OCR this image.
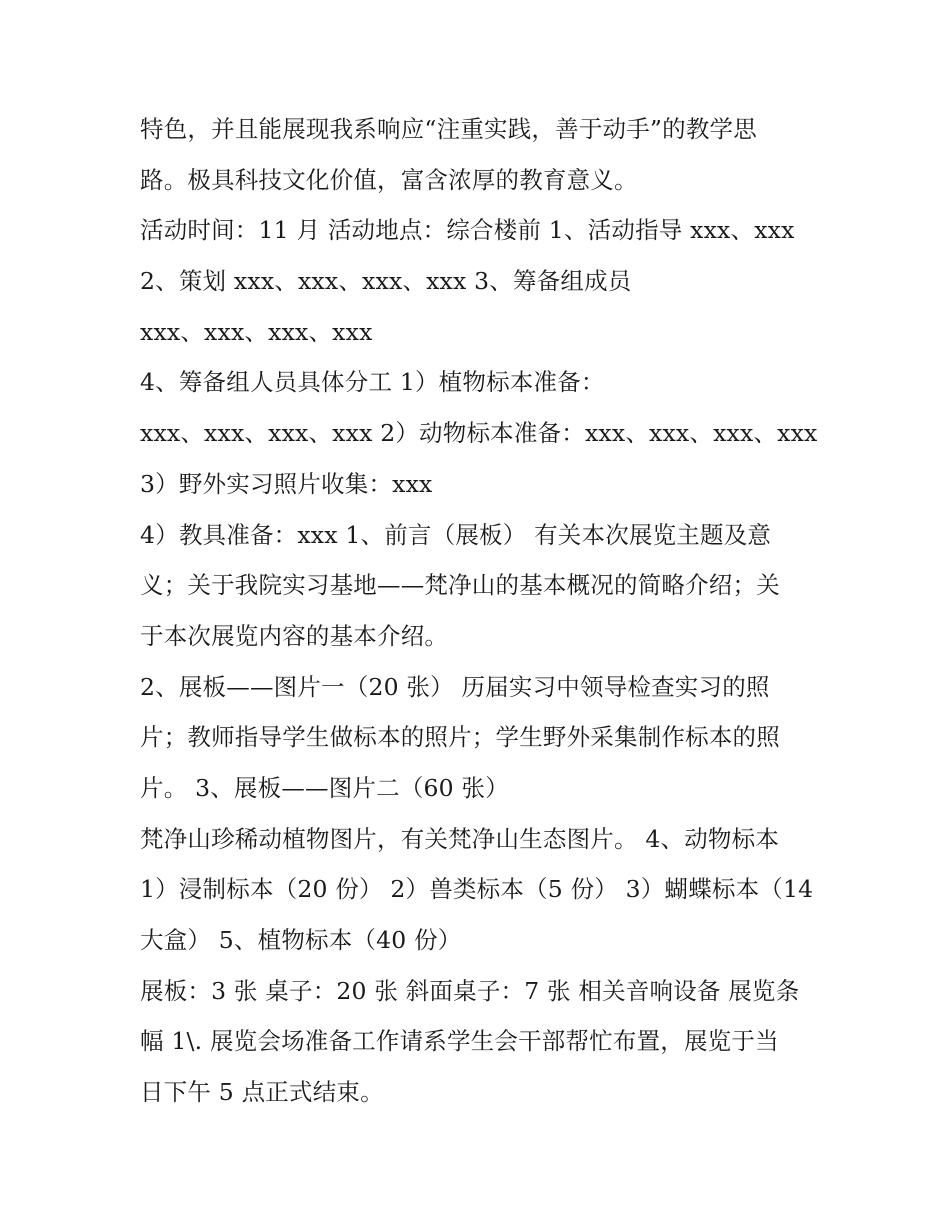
特色，并且能展现我系响应“注重实践，善于动手”的教学思
路。极具科技文化价值，富含浓厚的教育意义。
活动时间：11 月 活动地点：综合楼前 1、活动指导 xxx、xxx
2、策划 xxx、xxx、xxx、xxx 3、筹备组成员
xxx、xxx、xxx、xxx
4、筹备组人员具体分工 1）植物标本准备：
xxx、xxx、xxx、xxx 2）动物标本准备：xxx、xxx、xxx、xxx
3）野外实习照片收集：xxx
4）教具准备：xxx 1、前言（展板） 有关本次展览主题及意
义；关于我院实习基地——梵净山的基本概况的简略介绍；关
于本次展览内容的基本介绍。
2、展板——图片一（20 张） 历届实习中领导检查实习的照
片；教师指导学生做标本的照片；学生野外采集制作标本的照
片。 3、展板——图片二（60 张）
梵净山珍稀动植物图片，有关梵净山生态图片。 4、动物标本
1）浸制标本（20 份） 2）兽类标本（5 份） 3）蝴蝶标本（14
大盒） 5、植物标本（40 份）
展板：3 张 桌子：20 张 斜面桌子：7 张 相关音响设备 展览条
幅 1\. 展览会场准备工作请系学生会干部帮忙布置，展览于当
日下午 5 点正式结束。
